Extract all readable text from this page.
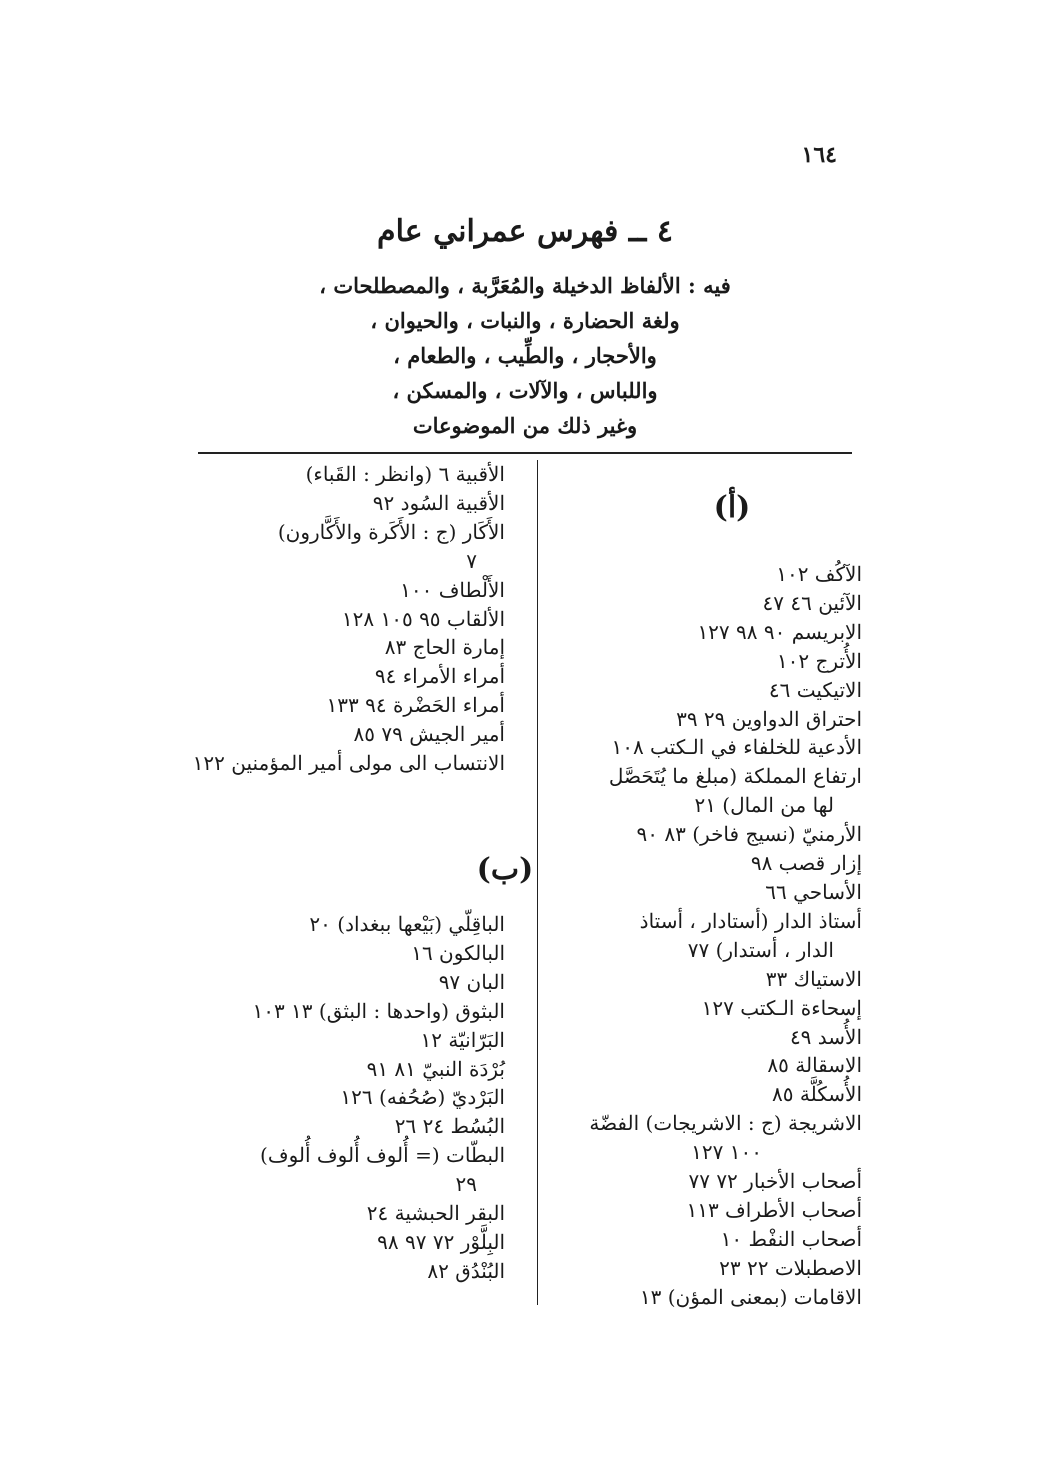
١٦٤
٤ ــ فهرس عمراني عام
فيه : الألفاظ الدخيلة والمُعَرَّبة ، والمصطلحات ،
ولغة الحضارة ، والنبات ، والحيوان ،
والأحجار ، والطِّيب ، والطعام ،
واللباس ، والآلات ، والمسكن ،
وغير ذلك من الموضوعات
(أ)
الآكُف ١٠٢
الآئين ٤٦ ٤٧
الابريسم ٩٠ ٩٨ ١٢٧
الأُترج ١٠٢
الاتيكيت ٤٦
احتراق الدواوين ٢٩ ٣٩
الأدعية للخلفاء في الـكتب ١٠٨
ارتفاع المملكة (مبلغ ما يُتَحَصَّل
لها من المال) ٢١
الأرمنيّ (نسيج فاخر) ٨٣ ٩٠
إزار قصب ٩٨
الأساحي ٦٦
أستاذ الدار (أستادار ، أستاذ
الدار ، أستدار) ٧٧
الاستياك ٣٣
إسحاءة الـكتب ١٢٧
الأُسد ٤٩
الاسقالة ٨٥
الأُسكُلَّة ٨٥
الاشريجة (ج : الاشريجات) الفضّة
١٠٠ ١٢٧
أصحاب الأخبار ٧٢ ٧٧
أصحاب الأطراف ١١٣
أصحاب النفْط ١٠
الاصطبلات ٢٢ ٢٣
الاقامات (بمعنى المؤن) ١٣
الأقبية ٦ (وانظر : القَباء)
الأقبية السُود ٩٢
الأَكَار (ج : الأَكَرة والأَكَّارون)
٧
الأَلْطاف ١٠٠
الألقاب ٩٥ ١٠٥ ١٢٨
إمارة الحاج ٨٣
أمراء الأمراء ٩٤
أمراء الحَضْرة ٩٤ ١٣٣
أمير الجيش ٧٩ ٨٥
الانتساب الى مولى أمير المؤمنين ١٢٢
(ب)
الباقِلّي (بَيْعها ببغداد) ٢٠
البالكون ١٦
البان ٩٧
البثوق (واحدها : البثق) ١٣ ١٠٣
البَرّانيّة ١٢
بُرْدَة النبيّ ٨١ ٩١
البَرْديّ (صُحُفه) ١٢٦
البُسُط ٢٤ ٢٦
البطّات (= أُلوف أُلوف أُلوف)
٢٩
البقر الحبشية ٢٤
البِلَّوْر ٧٢ ٩٧ ٩٨
البُنْدُق ٨٢
